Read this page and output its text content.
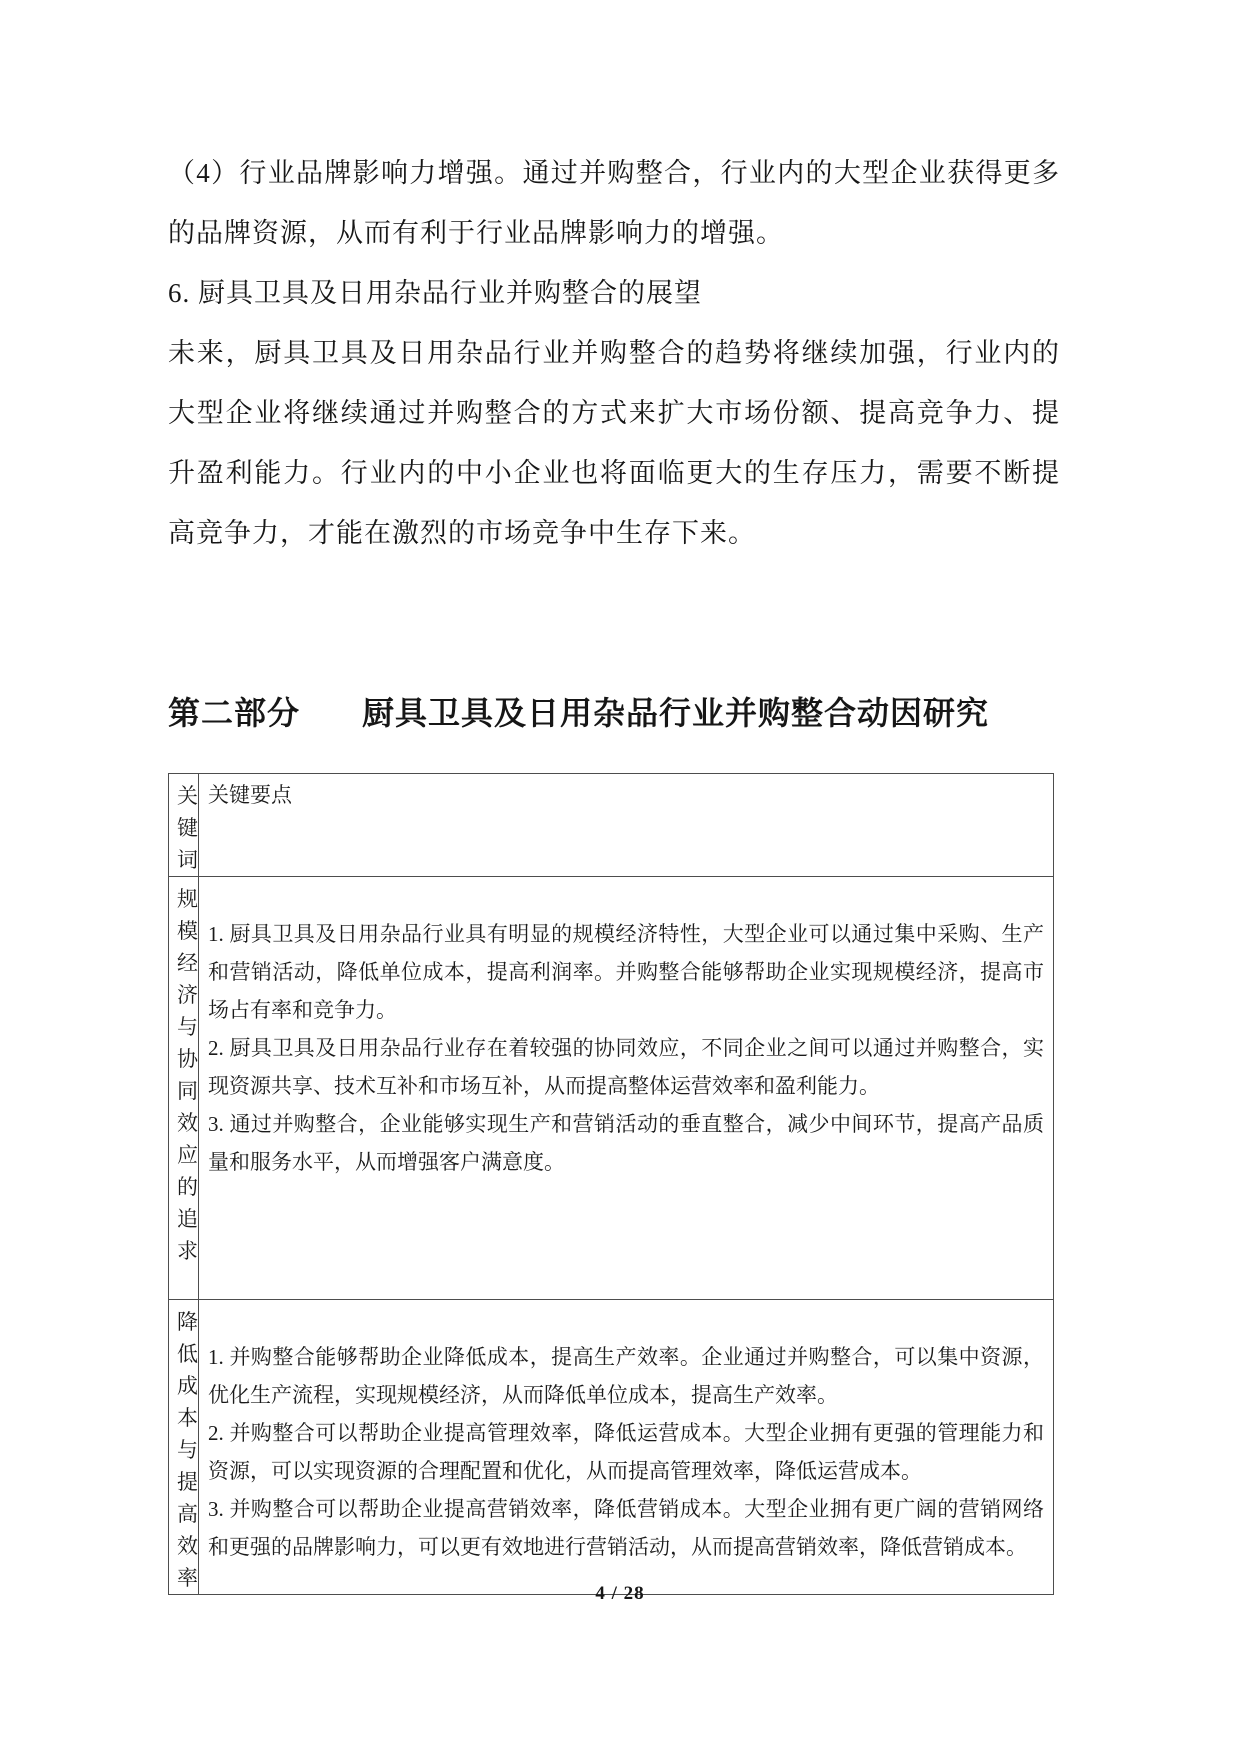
（4）行业品牌影响力增强。通过并购整合，行业内的大型企业获得更多的品牌资源，从而有利于行业品牌影响力的增强。

6. 厨具卫具及日用杂品行业并购整合的展望

未来，厨具卫具及日用杂品行业并购整合的趋势将继续加强，行业内的大型企业将继续通过并购整合的方式来扩大市场份额、提高竞争力、提升盈利能力。行业内的中小企业也将面临更大的生存压力，需要不断提高竞争力，才能在激烈的市场竞争中生存下来。

第二部分 厨具卫具及日用杂品行业并购整合动因研究
关键词	关键要点

规模经济与协同效应的追求	1. 厨具卫具及日用杂品行业具有明显的规模经济特性，大型企业可以通过集中采购、生产和营销活动，降低单位成本，提高利润率。并购整合能够帮助企业实现规模经济，提高市场占有率和竞争力。

2. 厨具卫具及日用杂品行业存在着较强的协同效应，不同企业之间可以通过并购整合，实现资源共享、技术互补和市场互补，从而提高整体运营效率和盈利能力。

3. 通过并购整合，企业能够实现生产和营销活动的垂直整合，减少中间环节，提高产品质量和服务水平，从而增强客户满意度。

降低成本与提高效率	1. 并购整合能够帮助企业降低成本，提高生产效率。企业通过并购整合，可以集中资源，优化生产流程，实现规模经济，从而降低单位成本，提高生产效率。

2. 并购整合可以帮助企业提高管理效率，降低运营成本。大型企业拥有更强的管理能力和资源，可以实现资源的合理配置和优化，从而提高管理效率，降低运营成本。

3. 并购整合可以帮助企业提高营销效率，降低营销成本。大型企业拥有更广阔的营销网络和更强的品牌影响力，可以更有效地进行营销活动，从而提高营销效率，降低营销成本。

4 / 28
